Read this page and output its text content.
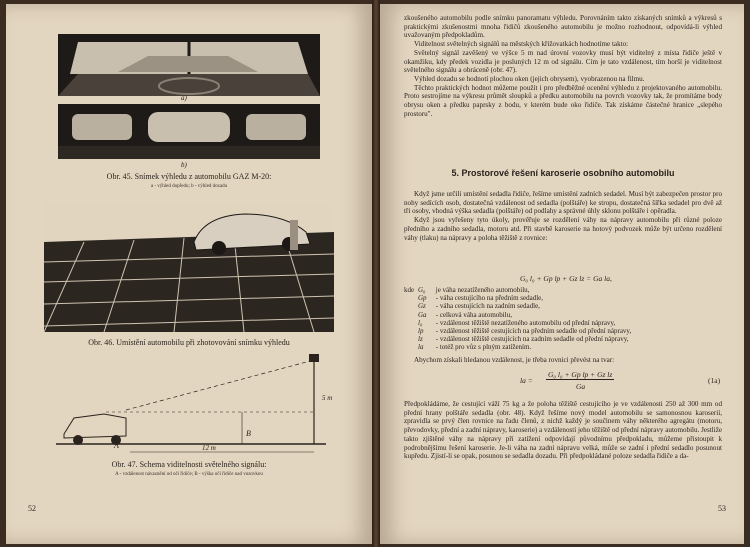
a)
b)
Obr. 45. Snímek výhledu z automobilu GAZ M-20:
a - výhled dopředu; b - výhled dozadu
Obr. 46. Umístění automobilu při zhotovování snímku výhledu
A
B
12 m
5 m
Obr. 47. Schema viditelnosti světelného signálu:
A - vzdálenost návaznění od oči řidiče; B - výška oči řidiče nad vozovkou
52

zkoušeného automobilu podle snímku panoramatu výhledu. Porovnáním takto získaných snímků a výkresů s praktickými zkušenostmi mnoha řidičů zkoušeného automobilu je možno rozhodnout, odpovídá-li výhled uvažovaným předpokladům.

Viditelnost světelných signálů na městských křižovatkách hodnotíme takto:

Světelný signál zavěšený ve výšce 5 m nad úrovní vozovky musí být viditelný z místa řidiče ještě v okamžiku, kdy předek vozidla je posluných 12 m od signálu. Cím je tato vzdálenost, tím horší je viditelnost světelného signálu a obráceně (obr. 47).

Výhled dozadu se hodnotí plochou oken (jejich obrysem), vyobrazenou na filmu.

Těchto praktických hodnot můžeme použít i pro předběžné ocenění výhledu z projektovaného automobilu. Proto sestrojíme na výkresu průmět sloupků a předku automobilu na povrch vozovky tak, že promítáme body obrysu oken a předku paprsky z bodu, v kterém bude oko řidiče. Tak získáme částečné hranice „slepého prostoru".

5. Prostorové řešení karoserie osobního automobilu

Když jsme určili umístění sedadla řidiče, řešíme umístění zadních sedadel. Musí být zabezpečen prostor pro nohy sedících osob, dostatečná vzdálenost od sedadla (polštáře) ke stropu, dostatečná šířka sedadel pro dvě až tři osoby, vhodná výška sedadla (polštáře) od podlahy a správné úhly sklonu polštáře i opěradla.

Když jsou vyřešeny tyto úkoly, prověřuje se rozdělení váhy na nápravy automobilu při různé poloze předního a zadního sedadla, motoru atd. Při stavbě karoserie na hotový podvozek může být určeno rozdělení váhy (tlaku) na nápravy a poloha těžiště z rovnice:

G₀ l₀ + Gp lp + Gz lz = Ga la,
kde G₀ je váha nezatíženého automobilu,
Gp - váha cestujícího na předním sedadle,
Gz - váha cestujících na zadním sedadle,
Ga - celková váha automobilu,
l₀ - vzdálenost těžiště nezatíženého automobilu od přední nápravy,
lp - vzdálenost těžiště cestujících na předním sedadle od přední nápravy,
lz - vzdálenost těžiště cestujících na zadním sedadle od přední nápravy,
la - totéž pro vůz s plným zatížením.

Abychom získali hledanou vzdálenost, je třeba rovnici převést na tvar:

la =
G₀ l₀ + Gp lp + Gz lz
Ga
(1a)

Předpokládáme, že cestující váží 75 kg a že poloha těžiště cestujícího je ve vzdálenosti 250 až 300 mm od přední hrany polštáře sedadla (obr. 48). Když řešíme nový model automobilu se samonosnou karoserií, zpravidla se prvý člen rovnice na řadu členů, z nichž každý je součinem váhy některého agregátu (motoru, převodovky, přední a zadní nápravy, karoserie) a vzdáleností jeho těžiště od přední nápravy automobilu. Jestliže takto zjištěné váhy na nápravy při zatížení odpovídají původnímu předpokladu, můžeme přistoupit k podrobnějšímu řešení karoserie. Je-li váha na zadní nápravu velká, může se zadní i přední sedadlo posunout kupředu. Zjistí-li se opak, posunou se sedadla dozadu. Při předpokládané poloze sedadla řidiče a da-

53
